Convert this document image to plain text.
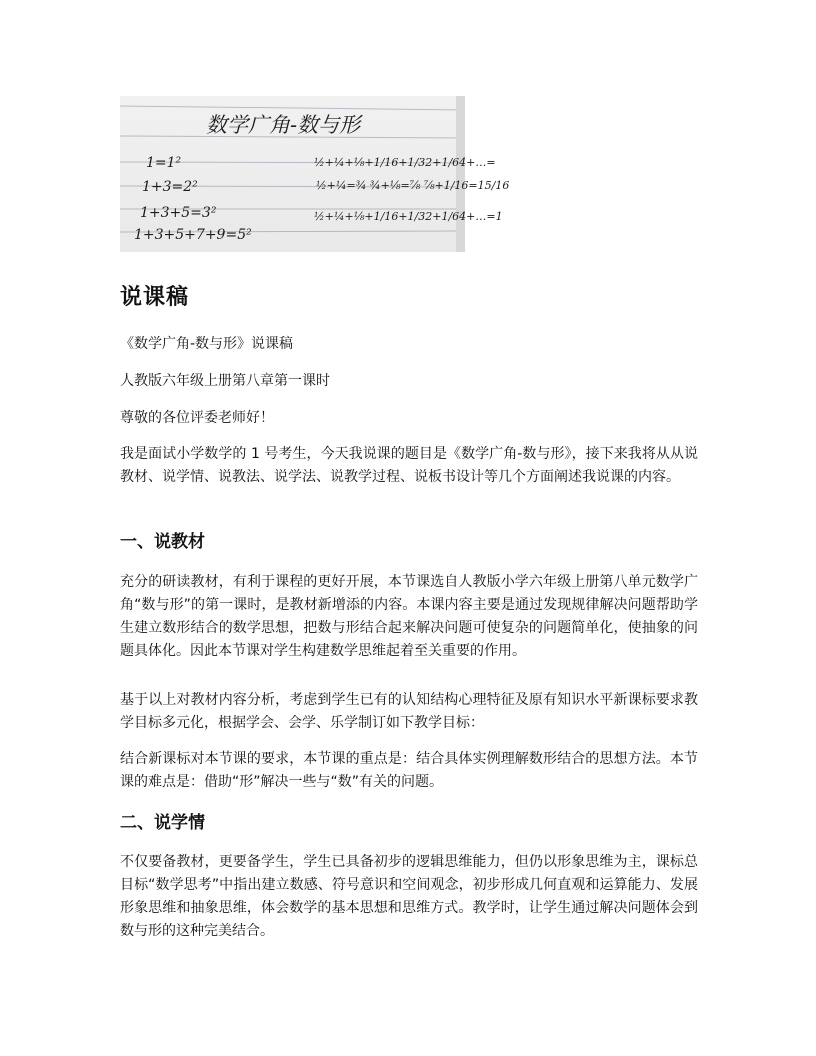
数学广角-数与形
1=1²
1+3=2²
1+3+5=3²
1+3+5+7+9=5²
½+¼+⅛+1/16+1/32+1/64+…=
½+¼=¾ ¾+⅛=⅞ ⅞+1/16=15/16
½+¼+⅛+1/16+1/32+1/64+…=1
说课稿

《数学广角-数与形》说课稿

人教版六年级上册第八章第一课时

尊敬的各位评委老师好！

我是面试小学数学的 1 号考生，今天我说课的题目是《数学广角-数与形》，接下来我将从从说教材、说学情、说教法、说学法、说教学过程、说板书设计等几个方面阐述我说课的内容。

一、说教材

充分的研读教材，有利于课程的更好开展，本节课选自人教版小学六年级上册第八单元数学广角“数与形”的第一课时，是教材新增添的内容。本课内容主要是通过发现规律解决问题帮助学生建立数形结合的数学思想，把数与形结合起来解决问题可使复杂的问题简单化，使抽象的问题具体化。因此本节课对学生构建数学思维起着至关重要的作用。

基于以上对教材内容分析，考虑到学生已有的认知结构心理特征及原有知识水平新课标要求教学目标多元化，根据学会、会学、乐学制订如下教学目标：

结合新课标对本节课的要求，本节课的重点是：结合具体实例理解数形结合的思想方法。本节课的难点是：借助“形”解决一些与“数”有关的问题。

二、说学情

不仅要备教材，更要备学生，学生已具备初步的逻辑思维能力，但仍以形象思维为主，课标总目标“数学思考”中指出建立数感、符号意识和空间观念，初步形成几何直观和运算能力、发展形象思维和抽象思维，体会数学的基本思想和思维方式。教学时，让学生通过解决问题体会到数与形的这种完美结合。
